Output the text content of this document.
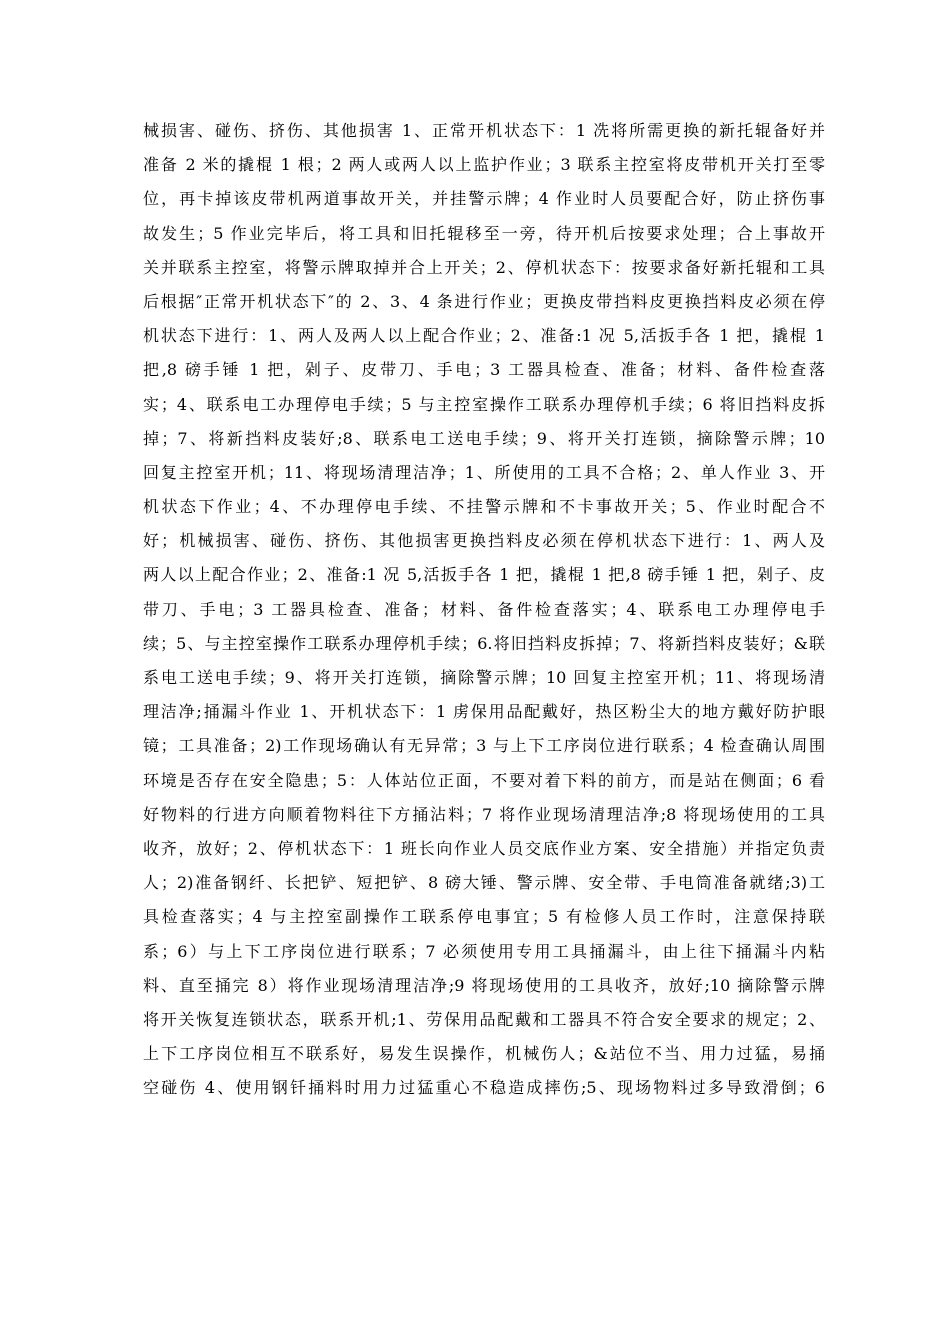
械损害、碰伤、挤伤、其他损害 1、正常开机状态下：1 冼将所需更换的新托辊备好并
准备 2 米的撬棍 1 根；2 两人或两人以上监护作业；3 联系主控室将皮带机开关打至零
位，再卡掉该皮带机两道事故开关，并挂警示牌；4 作业时人员要配合好，防止挤伤事
故发生；5 作业完毕后，将工具和旧托辊移至一旁，待开机后按要求处理；合上事故开
关并联系主控室，将警示牌取掉并合上开关；2、停机状态下：按要求备好新托辊和工具
后根据″正常开机状态下″的 2、3、4 条进行作业；更换皮带挡料皮更换挡料皮必须在停
机状态下进行：1、两人及两人以上配合作业；2、准备:1 况 5,活扳手各 1 把，撬棍 1
把,8 磅手锤 1 把，剁子、皮带刀、手电；3 工器具检查、准备；材料、备件检查落
实；4、联系电工办理停电手续；5 与主控室操作工联系办理停机手续；6 将旧挡料皮拆
掉；7、将新挡料皮装好;8、联系电工送电手续；9、将开关打连锁，摘除警示牌；10
回复主控室开机；11、将现场清理洁净；1、所使用的工具不合格；2、单人作业 3、开
机状态下作业；4、不办理停电手续、不挂警示牌和不卡事故开关；5、作业时配合不
好；机械损害、碰伤、挤伤、其他损害更换挡料皮必须在停机状态下进行：1、两人及
两人以上配合作业；2、准备:1 况 5,活扳手各 1 把，撬棍 1 把,8 磅手锤 1 把，剁子、皮
带刀、手电；3 工器具检查、准备；材料、备件检查落实；4、联系电工办理停电手
续；5、与主控室操作工联系办理停机手续；6.将旧挡料皮拆掉；7、将新挡料皮装好；&联
系电工送电手续；9、将开关打连锁，摘除警示牌；10 回复主控室开机；11、将现场清
理洁净;捅漏斗作业 1、开机状态下：1 虏保用品配戴好，热区粉尘大的地方戴好防护眼
镜；工具准备；2)工作现场确认有无异常；3 与上下工序岗位进行联系；4 检查确认周围
环境是否存在安全隐患；5：人体站位正面，不要对着下料的前方，而是站在侧面；6 看
好物料的行进方向顺着物料往下方捅沾料；7 将作业现场清理洁净;8 将现场使用的工具
收齐，放好；2、停机状态下：1 班长向作业人员交底作业方案、安全措施）并指定负责
人；2)准备钢纤、长把铲、短把铲、8 磅大锤、警示牌、安全带、手电筒准备就绪;3)工
具检查落实；4 与主控室副操作工联系停电事宜；5 有检修人员工作时，注意保持联
系；6）与上下工序岗位进行联系；7 必须使用专用工具捅漏斗，由上往下捅漏斗内粘
料、直至捅完 8）将作业现场清理洁净;9 将现场使用的工具收齐，放好;10 摘除警示牌
将开关恢复连锁状态，联系开机;1、劳保用品配戴和工器具不符合安全要求的规定；2、
上下工序岗位相互不联系好，易发生误操作，机械伤人；&站位不当、用力过猛，易捅
空碰伤 4、使用钢钎捅料时用力过猛重心不稳造成摔伤;5、现场物料过多导致滑倒；6
